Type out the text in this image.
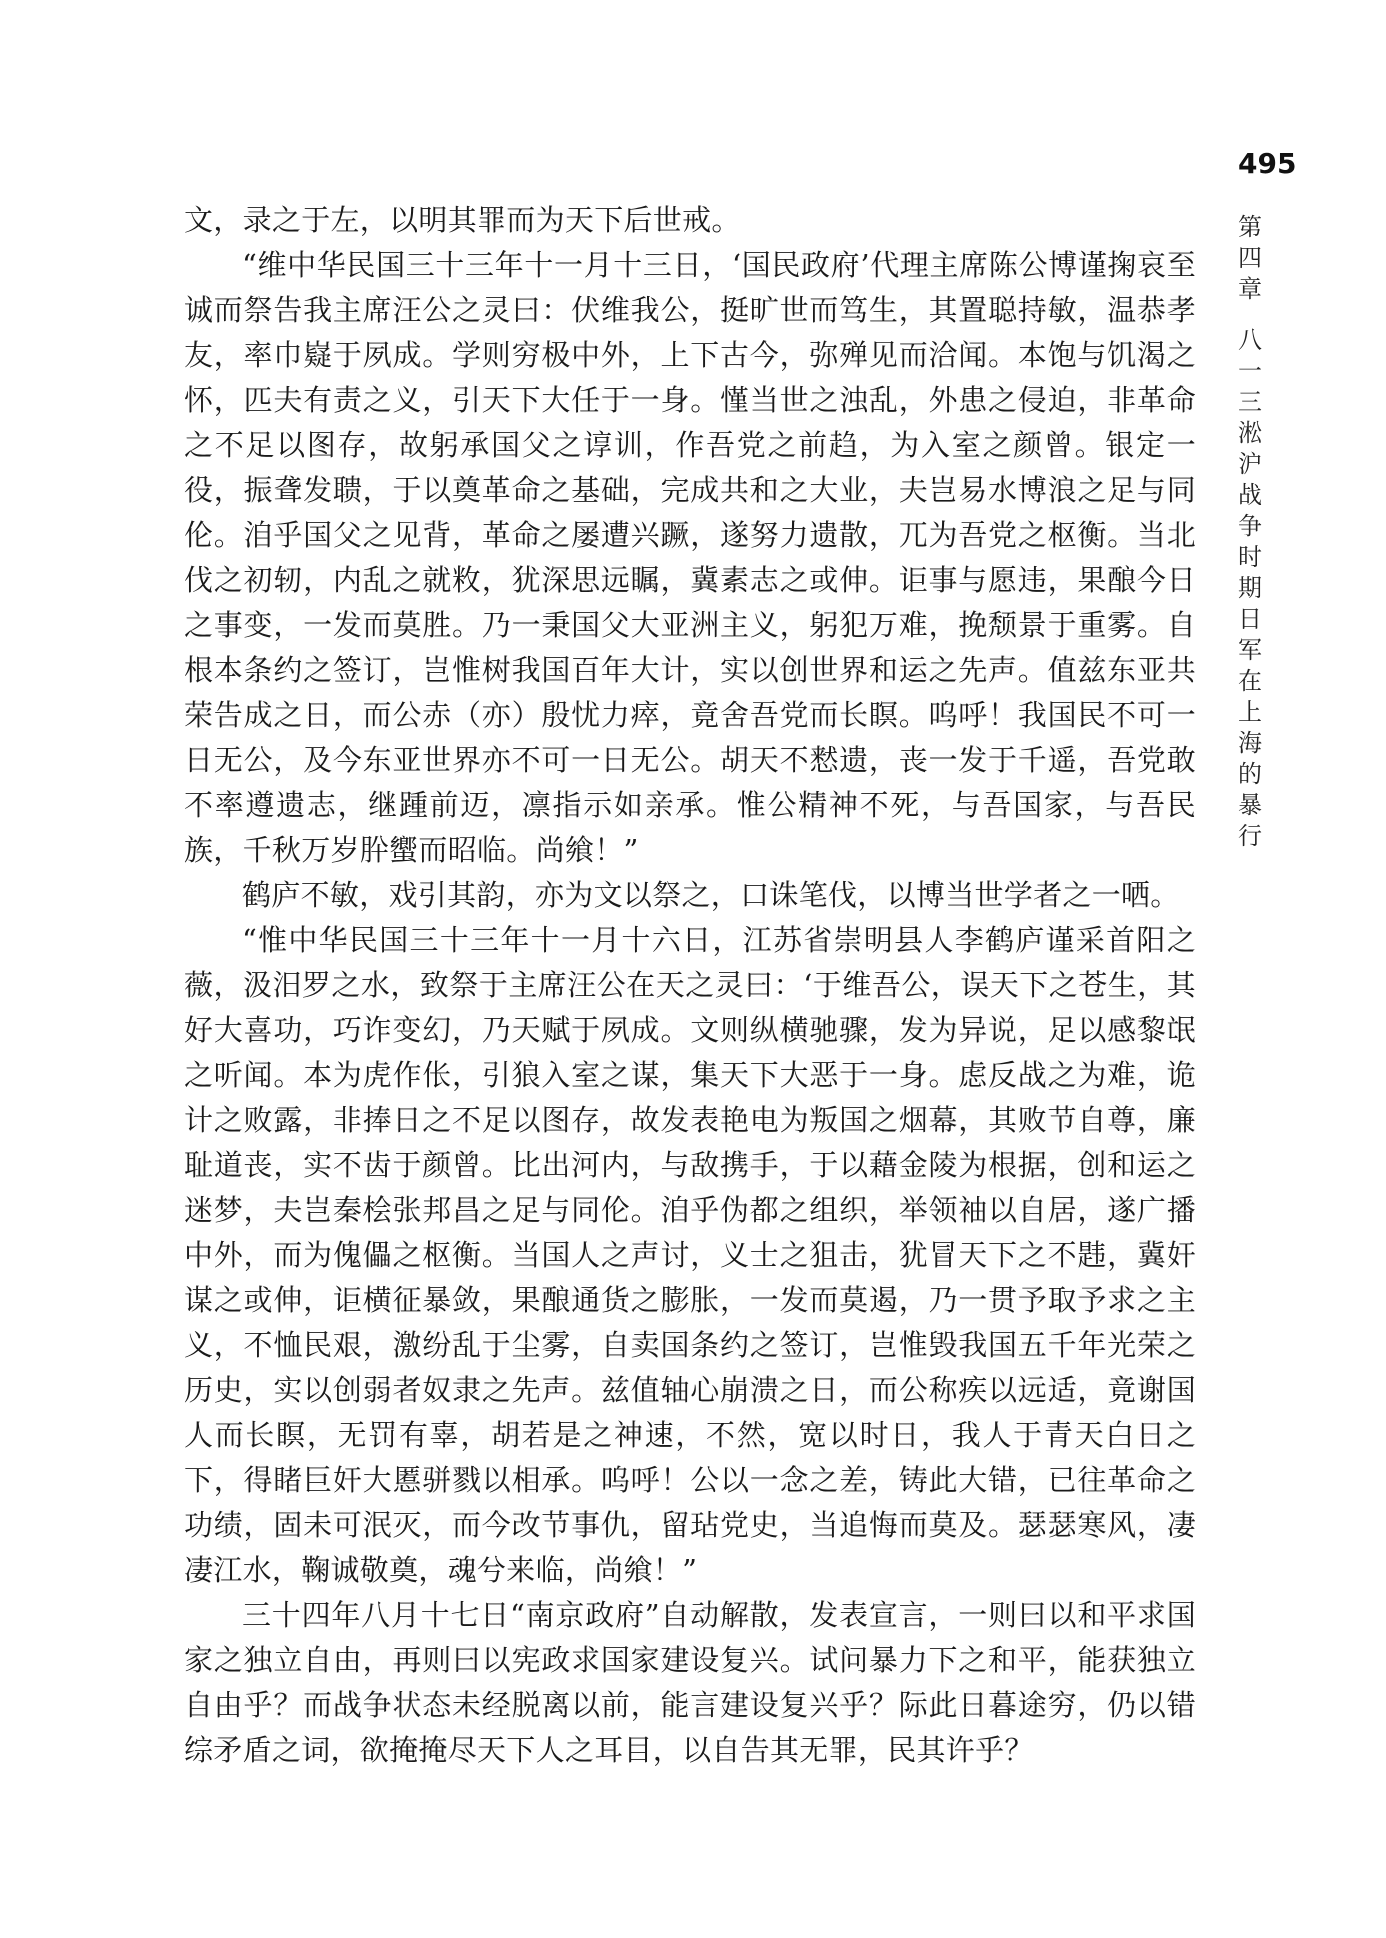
495
第四章
八一三淞沪战争时期日军在上海的暴行

文，录之于左，以明其罪而为天下后世戒。

“维中华民国三十三年十一月十三日，‘国民政府’代理主席陈公博谨掬哀至诚而祭告我主席汪公之灵曰：伏维我公，挺旷世而笃生，其置聪持敏，温恭孝友，率巾嶷于夙成。学则穷极中外，上下古今，弥殚见而洽闻。本饱与饥渴之怀，匹夫有责之义，引天下大任于一身。慬当世之浊乱，外患之侵迫，非革命之不足以图存，故躬承国父之谆训，作吾党之前趋，为入室之颜曾。银定一役，振聋发聩，于以奠革命之基础，完成共和之大业，夫岂易水博浪之足与同伦。洎乎国父之见背，革命之屡遭兴蹶，遂努力遗散，兀为吾党之枢衡。当北伐之初轫，内乱之就敉，犹深思远瞩，冀素志之或伸。讵事与愿违，果酿今日之事变，一发而莫胜。乃一秉国父大亚洲主义，躬犯万难，挽颓景于重雾。自根本条约之签订，岂惟树我国百年大计，实以创世界和运之先声。值兹东亚共荣告成之日，而公赤（亦）殷忧力瘁，竟舍吾党而长瞑。呜呼！我国民不可一日无公，及今东亚世界亦不可一日无公。胡天不慭遗，丧一发于千遥，吾党敢不率遵遗志，继踵前迈，凛指示如亲承。惟公精神不死，与吾国家，与吾民族，千秋万岁肸蠁而昭临。尚飨！”

鹤庐不敏，戏引其韵，亦为文以祭之，口诛笔伐，以博当世学者之一哂。

“惟中华民国三十三年十一月十六日，江苏省崇明县人李鹤庐谨采首阳之薇，汲汨罗之水，致祭于主席汪公在天之灵曰：‘于维吾公，误天下之苍生，其好大喜功，巧诈变幻，乃天赋于夙成。文则纵横驰骤，发为异说，足以感黎氓之听闻。本为虎作伥，引狼入室之谋，集天下大恶于一身。虑反战之为难，诡计之败露，非捧日之不足以图存，故发表艳电为叛国之烟幕，其败节自尊，廉耻道丧，实不齿于颜曾。比出河内，与敌携手，于以藉金陵为根据，创和运之迷梦，夫岂秦桧张邦昌之足与同伦。洎乎伪都之组织，举领袖以自居，遂广播中外，而为傀儡之枢衡。当国人之声讨，义士之狙击，犹冒天下之不韪，冀奸谋之或伸，讵横征暴敛，果酿通货之膨胀，一发而莫遏，乃一贯予取予求之主义，不恤民艰，激纷乱于尘雾，自卖国条约之签订，岂惟毁我国五千年光荣之历史，实以创弱者奴隶之先声。兹值轴心崩溃之日，而公称疾以远适，竟谢国人而长瞑，无罚有辜，胡若是之神速，不然，宽以时日，我人于青天白日之下，得睹巨奸大慝骈戮以相承。呜呼！公以一念之差，铸此大错，已往革命之功绩，固未可泯灭，而今改节事仇，留玷党史，当追悔而莫及。瑟瑟寒风，凄凄江水，鞠诚敬奠，魂兮来临，尚飨！”

三十四年八月十七日“南京政府”自动解散，发表宣言，一则曰以和平求国家之独立自由，再则曰以宪政求国家建设复兴。试问暴力下之和平，能获独立自由乎？而战争状态未经脱离以前，能言建设复兴乎？际此日暮途穷，仍以错综矛盾之词，欲掩掩尽天下人之耳目，以自告其无罪，民其许乎？
